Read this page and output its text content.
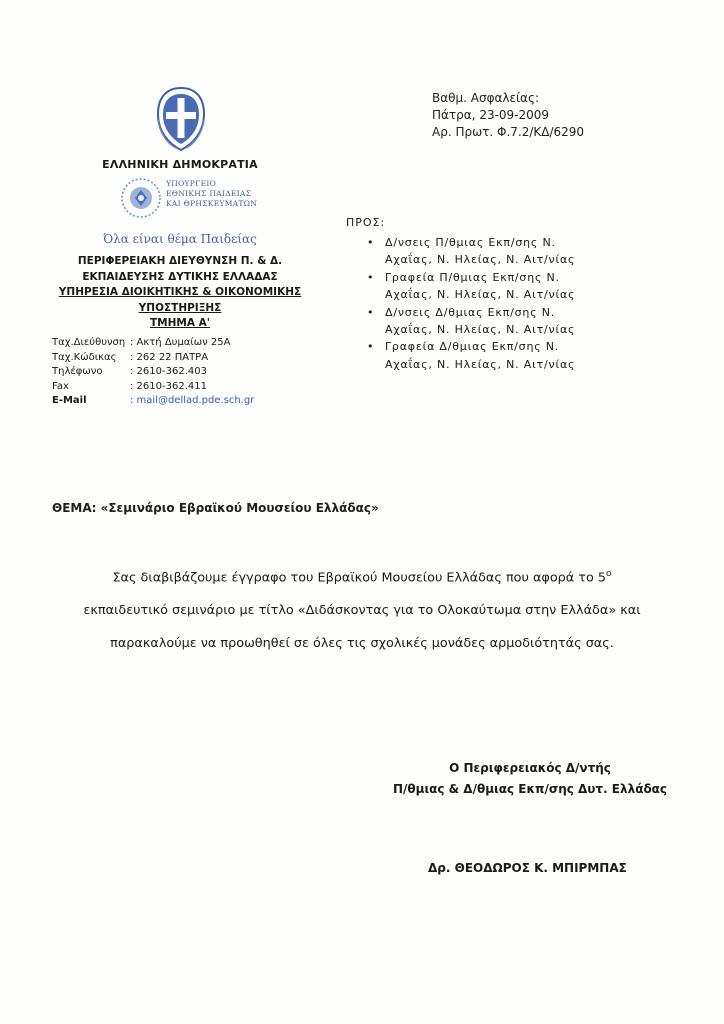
ΕΛΛΗΝΙΚΗ ΔΗΜΟΚΡΑΤΙΑ
ΥΠΟΥΡΓΕΙΟ
ΕΘΝΙΚΗΣ ΠΑΙΔΕΙΑΣ
ΚΑΙ ΘΡΗΣΚΕΥΜΑΤΩΝ
Όλα είναι θέμα Παιδείας
ΠΕΡΙΦΕΡΕΙΑΚΗ ΔΙΕΥΘΥΝΣΗ Π. & Δ.
ΕΚΠΑΙΔΕΥΣΗΣ ΔΥΤΙΚΗΣ ΕΛΛΑΔΑΣ
ΥΠΗΡΕΣΙΑ ΔΙΟΙΚΗΤΙΚΗΣ & ΟΙΚΟΝΟΜΙΚΗΣ
ΥΠΟΣΤΗΡΙΞΗΣ
ΤΜΗΜΑ Α'
Ταχ.Διεύθυνση : Ακτή Δυμαίων 25Α
Ταχ.Κώδικας	: 262 22 ΠΑΤΡΑ
Τηλέφωνο	: 2610-362.403
Fax	: 2610-362.411
E-Mail	: mail@dellad.pde.sch.gr
Βαθμ. Ασφαλείας:
Πάτρα, 23-09-2009
Αρ. Πρωτ. Φ.7.2/ΚΔ/6290
ΠΡΟΣ:
• Δ/νσεις Π/θμιας Εκπ/σης Ν.
Αχαΐας, Ν. Ηλείας, Ν. Αιτ/νίας
• Γραφεία Π/θμιας Εκπ/σης Ν.
Αχαΐας, Ν. Ηλείας, Ν. Αιτ/νίας
• Δ/νσεις Δ/θμιας Εκπ/σης Ν.
Αχαΐας, Ν. Ηλείας, Ν. Αιτ/νίας
• Γραφεία Δ/θμιας Εκπ/σης Ν.
Αχαΐας, Ν. Ηλείας, Ν. Αιτ/νίας
ΘΕΜΑ: «Σεμινάριο Εβραϊκού Μουσείου Ελλάδας»
Σας διαβιβάζουμε έγγραφο του Εβραϊκού Μουσείου Ελλάδας που αφορά το $5^o$
εκπαιδευτικό σεμινάριο με τίτλο «Διδάσκοντας για το Ολοκαύτωμα στην Ελλάδα» και
παρακαλούμε να προωθηθεί σε όλες τις σχολικές μονάδες αρμοδιότητάς σας.
Ο Περιφερειακός Δ/ντής
Π/θμιας & Δ/θμιας Εκπ/σης Δυτ. Ελλάδας
Δρ. ΘΕΟΔΩΡΟΣ Κ. ΜΠΙΡΜΠΑΣ
